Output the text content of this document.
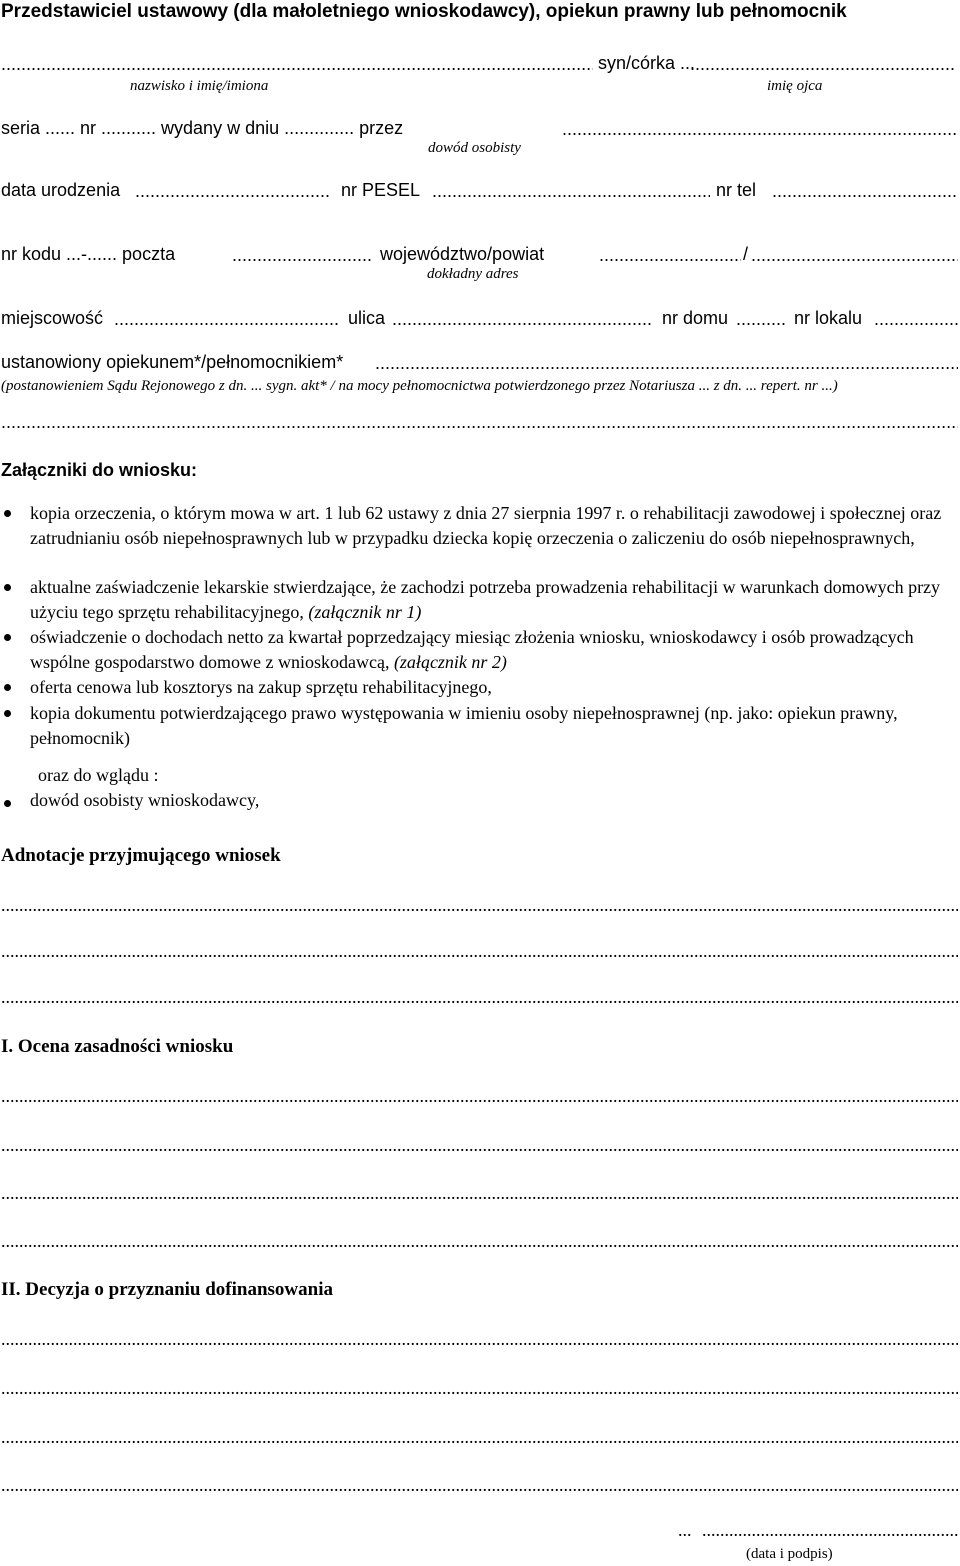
Przedstawiciel ustawowy (dla małoletniego wnioskodawcy), opiekun prawny lub pełnomocnik
.....
syn/córka ...
.....
nazwisko i imię/imiona	imię ojca
seria ...... nr ........... wydany w dniu .............. przez
.....
dowód osobisty
data urodzenia .....	nr PESEL .....	nr tel
.....
nr kodu ...-...... poczta .....	województwo/powiat .....	/
.....
dokładny adres
miejscowość .....	ulica .....	nr domu .....	nr lokalu
.....
ustanowiony opiekunem*/pełnomocnikiem*
.....
(postanowieniem Sądu Rejonowego z dn. ... sygn. akt* / na mocy pełnomocnictwa potwierdzonego przez Notariusza ... z dn. ... repert. nr ...)
.....
Załączniki do wniosku:
kopia orzeczenia, o którym mowa w art. 1 lub 62 ustawy z dnia 27 sierpnia 1997 r. o rehabilitacji zawodowej i społecznej oraz zatrudnianiu osób niepełnosprawnych lub w przypadku dziecka kopię orzeczenia o zaliczeniu do osób niepełnosprawnych,
aktualne zaświadczenie lekarskie stwierdzające, że zachodzi potrzeba prowadzenia rehabilitacji w warunkach domowych przy użyciu tego sprzętu rehabilitacyjnego, (załącznik nr 1)
oświadczenie o dochodach netto za kwartał poprzedzający miesiąc złożenia wniosku, wnioskodawcy i osób prowadzących wspólne gospodarstwo domowe z wnioskodawcą, (załącznik nr 2)
oferta cenowa lub kosztorys na zakup sprzętu rehabilitacyjnego,
kopia dokumentu potwierdzającego prawo występowania w imieniu osoby niepełnosprawnej (np. jako: opiekun prawny, pełnomocnik)
oraz do wglądu :
dowód osobisty wnioskodawcy,
Adnotacje przyjmującego wniosek
.....
.....
.....
I. Ocena zasadności wniosku
.....
.....
.....
.....
II. Decyzja o przyznaniu dofinansowania
.....
.....
.....
.....
...
.....
(data i podpis)
